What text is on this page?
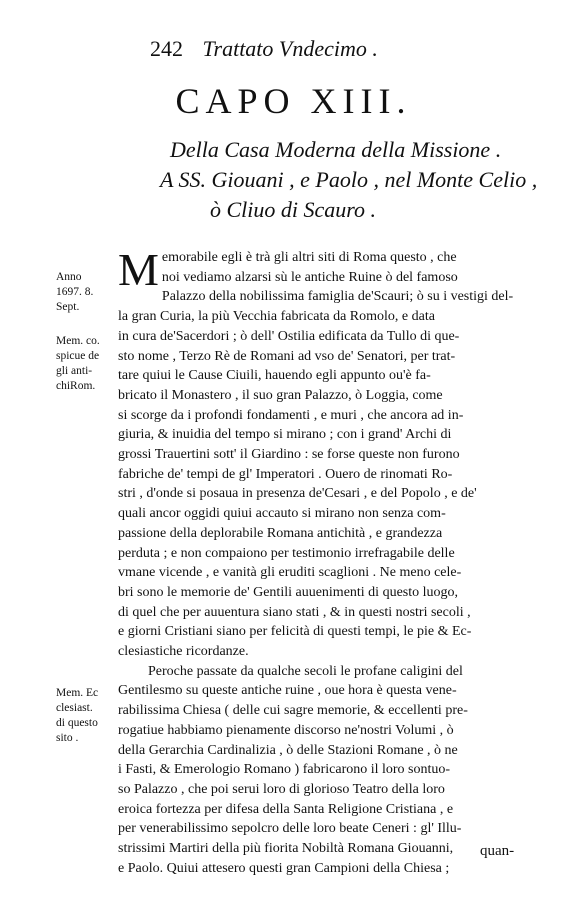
242 Trattato Vndecimo .
CAPO XIII.
Della Casa Moderna della Missione .
A SS. Giouani , e Paolo , nel Monte Celio ,
ò Cliuo di Scauro .
Anno
1697. 8.
Sept.
Mem. co.
spicue de
gli anti-
chiRom.
Mem. Ec
clesiast.
di questo
sito .
M emorabile egli è trà gli altri siti di Roma questo , che
noi vediamo alzarsi sù le antiche Ruine ò del famoso
Palazzo della nobilissima famiglia de'Scauri; ò su i vestigi del-
la gran Curia, la più Vecchia fabricata da Romolo, e data
in cura de'Sacerdori ; ò dell' Ostilia edificata da Tullo di que-
sto nome , Terzo Rè de Romani ad vso de' Senatori, per trat-
tare quiui le Cause Ciuili, hauendo egli appunto ou'è fa-
bricato il Monastero , il suo gran Palazzo, ò Loggia, come
si scorge da i profondi fondamenti , e muri , che ancora ad in-
giuria, & inuidia del tempo si mirano ; con i grand' Archi di
grossi Trauertini sott' il Giardino : se forse queste non furono
fabriche de' tempi de gl' Imperatori . Ouero de rinomati Ro-
stri , d'onde si posaua in presenza de'Cesari , e del Popolo , e de'
quali ancor oggidi quiui accauto si mirano non senza com-
passione della deplorabile Romana antichità , e grandezza
perduta ; e non compaiono per testimonio irrefragabile delle
vmane vicende , e vanità gli eruditi scaglioni . Ne meno cele-
bri sono le memorie de' Gentili auuenimenti di questo luogo,
di quel che per auuentura siano stati , & in questi nostri secoli ,
e giorni Cristiani siano per felicità di questi tempi, le pie & Ec-
clesiastiche ricordanze.
Peroche passate da qualche secoli le profane caligini del
Gentilesmo su queste antiche ruine , oue hora è questa vene-
rabilissima Chiesa ( delle cui sagre memorie, & eccellenti pre-
rogatiue habbiamo pienamente discorso ne'nostri Volumi , ò
della Gerarchia Cardinalizia , ò delle Stazioni Romane , ò ne
i Fasti, & Emerologio Romano ) fabricarono il loro sontuo-
so Palazzo , che poi serui loro di glorioso Teatro della loro
eroica fortezza per difesa della Santa Religione Cristiana , e
per venerabilissimo sepolcro delle loro beate Ceneri : gl' Illu-
strissimi Martiri della più fiorita Nobiltà Romana Giouanni,
e Paolo. Quiui attesero questi gran Campioni della Chiesa ;
quan-
